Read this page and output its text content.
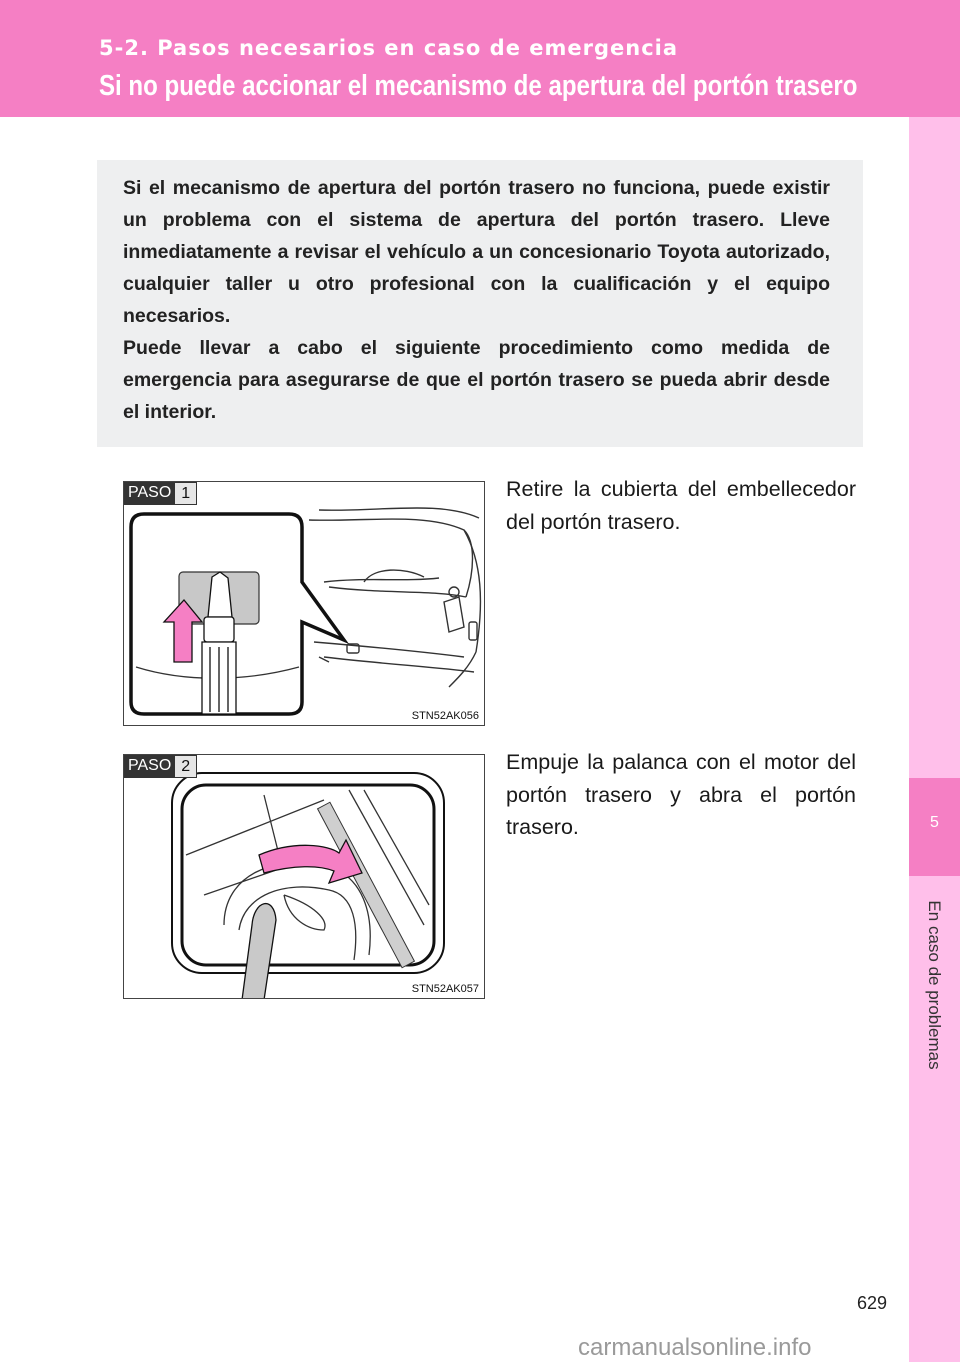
5-2. Pasos necesarios en caso de emergencia
Si no puede accionar el mecanismo de apertura del portón trasero
5
En caso de problemas

Si el mecanismo de apertura del portón trasero no funciona, puede existir un problema con el sistema de apertura del portón trasero. Lleve inmediatamente a revisar el vehículo a un concesionario Toyota autorizado, cualquier taller u otro profesional con la cualificación y el equipo necesarios.

Puede llevar a cabo el siguiente procedimiento como medida de emergencia para asegurarse de que el portón trasero se pueda abrir desde el interior.

PASO 1
STN52AK056
Retire la cubierta del embellecedor del portón trasero.
PASO 2
STN52AK057
Empuje la palanca con el motor del portón trasero y abra el portón trasero.
629
carmanualsonline.info
